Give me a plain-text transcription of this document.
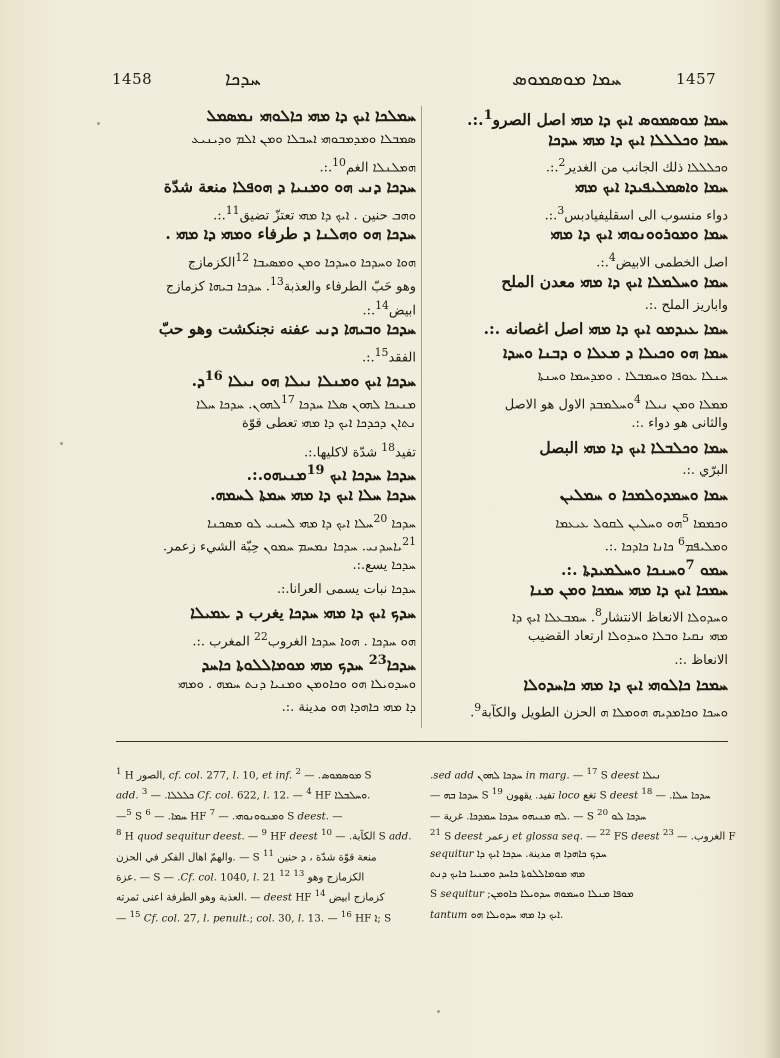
1458	ܚܕܟܐ	ܚܡܐ ܡܘܣܡܘܣ	1457
ܚܡܠܟܐ ܐܝܟ ܕܐ ܡܗܝ ܟܐܠܘܗܝ ܢܡܣܡܠ
ܣܡܒܠܐ ܘܡܕܡܒܘܗܝ ܐܚܒܠܐ ܘܡܢ ܐܠܡ ܘܕܝܢܝܥ
ܗܡܠܢܠܐ الغم$^{10}$.:.
ܚܕܟܐ ܕܢܝ ܗܘ ܘܡܢܝܐ ܕ ܗܘܦܠܐ منعة شدّة
ܘܗܒ حنين . ܐܝܟ ܕܐ ܡܗܝ تعتزّ تضيق$^{11}$.:.
ܚܕܟܐ ܗܘ ܘܗܠܢܐ ܕ طرفاء ܘܡܗܝ ܕܐ ܡܗܝ .
ܗܘܐ ܘܚܕܟܐ ܘܚܕܟܐ ܘܡܢ ܘܡܣܝܒܐ $^{12}$الكزمازج
وهو حَبّ الطرفاء والعذبة$^{13}$. ܚܕܟܐ ܒܝܗܐ كزمازج
ابيض$^{14}$.:.
ܚܕܟܐ ܘܒܝܗܐ ܕܢܝ عفنه نجنكشت وهو حبّ
الفقد$^{15}$.:.
ܚܕܟܐ ܐܝܟ ܘܡܢܠܐ ܢܝܠܐ ܗܘ ܢܝܠܐ $^{16}$ܕ.
ܡܢܝܟܐ ܠܗܘܢ ܣܠܐ ܚܕܟܐ $^{17}$ܠܗܘܢ. ܚܕܟܐ ܚܠܐ
ܢܬܐܢ ܕܟܕܟܐ ܐܝܟ ܕܐ ܡܗܝ تعطى قوّة
تفيد$^{18}$ شدّة لاكليها.:.
ܚܕܟܐ ܚܕܟܐ ܐܝܟ $^{19}$ܡܢܝܗܘ.:.
ܚܕܟܐ ܚܠܐ ܐܝܟ ܕܐ ܡܗܝ ܚܡܬܐ ܠܚܡܗ.
ܚܕܟܐ $^{20}$ܚܠܐ ܐܝܟ ܕܐ ܡܗܝ ܠܚܢܝ ܠܘ ܡܣܟܢܐ
$^{21}$ܝܐܚܕܢܝ. ܚܕܟܐ ܢܡܚܡ ܚܡܘܢ حِبّة الشيء زعمر.
ܚܕܟܐ يسع.:.
ܚܕܟܐ نبات يسمى العرانا.:.
ܚܕܟ ܐܝܟ ܕܐ ܡܗܝ ܚܕܟܐ يغرب ܕ ܥܡܝܠܐ
ܗܘ ܚܕܟܐ . ܗܘܐ ܚܕܟܐ الغروب$^{22}$ المغرب .:.
ܚܕܟܐ$^{23}$ ܚܕܟ ܡܗܝ ܡܘܡܐܠܠܘܬܐ ܟܐܚܕ
ܘܚܕܘܝܠܐ ܗܘ ܘܟܐܘܡܢ ܘܡܢܝܐ ܕܢܬ ܚܡܗ . ܘܡܗܝ
ܕܐ ܡܗܝ ܟܐܗܕܐ ܗܘ مدينة .:.
ܚܡܐ ܡܘܣܡܘܣ ܐܝܟ ܕܐ ܡܗܝ اصل الصرو$^1$.:.
ܚܡܐ ܘܟܠܠܠܐ ܐܝܟ ܕܐ ܡܗܝ ܚܕܟܐ
ܘܟܠܠܠܐ ذلك الجانب من الغدير$^2$.:.
ܚܡܐ ܘܐܣܡܠܝܦܝܕܐ ܐܝܟ ܡܗܝ
دواء منسوب الى اسقليفيادبس$^3$.:.
ܚܡܐ ܘܡܘܪܘܘܢܘܗܝ ܐܝܟ ܕܐ ܡܗܝ
اصل الخطمى الابيض$^4$.:.
ܚܡܐ ܘܚܠܡܠܐ ܐܝܟ ܕܐ ܡܗܝ معدن الملح
واباريز الملح .:.
ܚܡܐ ܥܝܕܡܘ ܐܝܟ ܕܐ ܡܗܝ اصل اغصانه .:.
ܚܡܐ ܗܘ ܘܟܝܠܐ ܕ ܡܥܠܐ ܘ ܕܒܢܐ ܘܚܕܐ
ܚܢܠܐ ܥܘܦܐ ܘܚܡܒܠܐ . ܘܡܕܚܡܐ ܘܚܢܬܐ
ܡܡܠܐ ܘܡܢ ܢܝܠܐ $^4$ܘܚܠܡܒܕ الاول هو الاصل
والثانى هو دواء .:.
ܚܡܐ ܘܟܠܒܠܐ ܐܝܟ ܕܐ ܡܗܝ البصل
البرّي .:.
ܚܡܐ ܘܚܡܕܘܠܡܟܐ ܘ ܚܡܠܝܢ
ܘܟܡܡܐ $^5$ܗܘ ܘܚܠܝܢ ܠܩܘܠ ܥܝܥܡܐ
ܘܡܠܝܦܡ$^6$ ܟܐܢܐ ܟܐܕܟܐ .:.
ܚܡܘ $^7$ܘܚܢܟܐ ܘܚܠܡܝܕܬܐ .:.
ܚܡܟܐ ܐܝܟ ܕܐ ܡܗܝ ܚܡܟܐ ܘܡܢ ܡܢܐ
ܘܚܕܘܠܐ الانعاظ الانتشار$^8$. ܚܡܒܥܠܐ ܐܝܟ ܕܐ
ܡܗܝ ܢܩܝܐ ܘܒܠܐ ܘܚܕܘܠܐ ارتعاد القضيب
الانعاظ .:.
ܚܡܟܐ ܟܐܠܘܗܝ ܐܝܟ ܕܐ ܡܗܝ ܟܐܚܕܘܠܐ
ܘܚܟܐ ܘܟܐܡܕܝܗ ܗܘܡܠܐ ܗ الحزن الطويل والكآبة$^9$.
$^1$ H الصور, cf. col. 277, l. 10, et inf. ܡܘܣܡܘܣ. — $^2$	S
add. ܟܠܠܠܐ. — $^3$	Cf. col. 622, l. 12. — $^4$ HF ܘܚܠܒܠܐ.
—$^5$ S ܚܡܐ. — $^6$	HF ܘܡܢܘܘܢܘܗܝ. — $^7$	S deest. —
$^8$ H quod sequitur deest. — $^9$ HF deest الكآبة. — $^{10}$	S add.
منعة قوّة شدّة ، ܕ حنين S $^{11}$ — .والهمّ اهال الفكر في الحزن
الكزمازج وهو $^{13}$ S — .Cf. col. 1040, l. 21 $^{12}$ — .عزة
كزمازج ابيض deest HF $^{14}$ — .العذبة وهو الطرفة اعنى ثمرته
— $^{15}$ Cf. col. 27, l. penult.; col. 30, l. 13. — $^{16}$ HF ܐ; S
ܢܝܠܐ in marg. — $^{17}$ S deest ܚܕܟܐ ܠܗܘܢ sed add.
ܚܕܟܐ ܚܠܐ. — $^{18}$ S deest تغع loco تفيد. يقهون $^{19}$ S ܚܕܟܐ ܒܗ —
ܚܕܟܐ ܠܘ S $^{20}$ — .ܠܗ ܡܢܝܗܘ ܚܕܟܐ ܚܡܕܟܐ. غرية —
$^{21}$ S deest زعمر et glossa seq. — $^{22}$ FS deest الغروب. — $^{23}$	F
sequitur ܚܕܟ ܟܐܗܕܐ ܗ مدينة. ܚܕܟܐ ܐܝܟ ܕܐ
ܡܗܝ ܡܘܡܐܠܠܘܬܐ ܟܐܚܕ ܘܡܢܝܐ ܟܐܝܟ ܕܢܬ
ܡܘܦܐ ܡܢܠܐ ܘܚܡܘܗ ܚܕܘܝܠܐ ܟܐܘܡܢ; S sequitur
tantum ܐܝܟ ܕܐ ܡܗܝ ܚܕܘܝܠܐ ܗܘ.
